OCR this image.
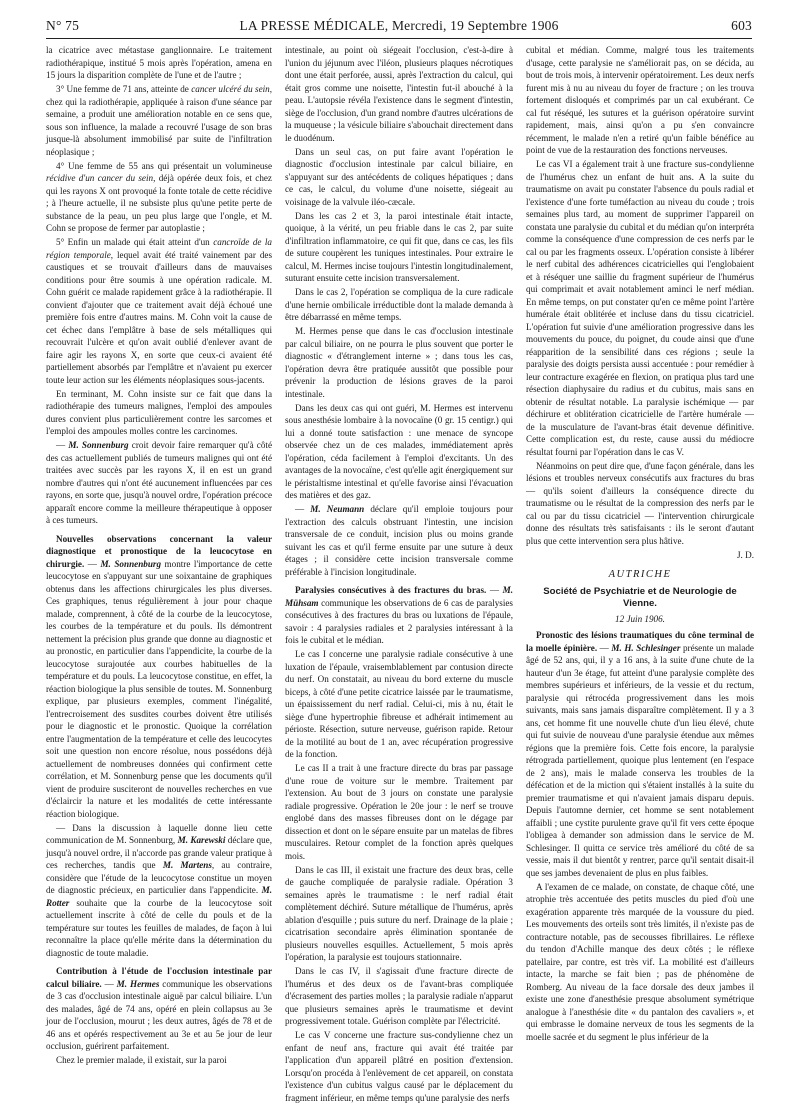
N° 75	LA PRESSE MÉDICALE, Mercredi, 19 Septembre 1906	603

la cicatrice avec métastase ganglionnaire. Le traitement radiothérapique, institué 5 mois après l'opération, amena en 15 jours la disparition complète de l'une et de l'autre ;

3° Une femme de 71 ans, atteinte de cancer ulcéré du sein, chez qui la radiothérapie, appliquée à raison d'une séance par semaine, a produit une amélioration notable en ce sens que, sous son influence, la malade a recouvré l'usage de son bras jusque-là absolument immobilisé par suite de l'infiltration néoplasique ;

4° Une femme de 55 ans qui présentait un volumineuse récidive d'un cancer du sein, déjà opérée deux fois, et chez qui les rayons X ont provoqué la fonte totale de cette récidive ; à l'heure actuelle, il ne subsiste plus qu'une petite perte de substance de la peau, un peu plus large que l'ongle, et M. Cohn se propose de fermer par autoplastie ;

5° Enfin un malade qui était atteint d'un cancroïde de la région temporale, lequel avait été traité vainement par des caustiques et se trouvait d'ailleurs dans de mauvaises conditions pour être soumis à une opération radicale. M. Cohn guérit ce malade rapidement grâce à la radiothérapie. Il convient d'ajouter que ce traitement avait déjà échoué une première fois entre d'autres mains. M. Cohn voit la cause de cet échec dans l'emplâtre à base de sels métalliques qui recouvrait l'ulcère et qu'on avait oublié d'enlever avant de faire agir les rayons X, en sorte que ceux-ci avaient été partiellement absorbés par l'emplâtre et n'avaient pu exercer toute leur action sur les éléments néoplasiques sous-jacents.

En terminant, M. Cohn insiste sur ce fait que dans la radiothérapie des tumeurs malignes, l'emploi des ampoules dures convient plus particulièrement contre les sarcomes et l'emploi des ampoules molles contre les carcinomes.

— M. Sonnenburg croit devoir faire remarquer qu'à côté des cas actuellement publiés de tumeurs malignes qui ont été traitées avec succès par les rayons X, il en est un grand nombre d'autres qui n'ont été aucunement influencées par ces rayons, en sorte que, jusqu'à nouvel ordre, l'opération précoce apparaît encore comme la meilleure thérapeutique à opposer à ces tumeurs.

Nouvelles observations concernant la valeur diagnostique et pronostique de la leucocytose en chirurgie. — M. Sonnenburg montre l'importance de cette leucocytose en s'appuyant sur une soixantaine de graphiques obtenus dans les affections chirurgicales les plus diverses. Ces graphiques, tenus régulièrement à jour pour chaque malade, comprennent, à côté de la courbe de la leucocytose, les courbes de la température et du pouls. Ils démontrent nettement la précision plus grande que donne au diagnostic et au pronostic, en particulier dans l'appendicite, la courbe de la leucocytose surajoutée aux courbes habituelles de la température et du pouls. La leucocytose constitue, en effet, la réaction biologique la plus sensible de toutes. M. Sonnenburg explique, par plusieurs exemples, comment l'inégalité, l'entrecroisement des susdites courbes doivent être utilisés pour le diagnostic et le pronostic. Quoique la corrélation entre l'augmentation de la température et celle des leucocytes soit une question non encore résolue, nous possédons déjà actuellement de nombreuses données qui confirment cette corrélation, et M. Sonnenburg pense que les documents qu'il vient de produire susciteront de nouvelles recherches en vue d'éclaircir la nature et les modalités de cette intéressante réaction biologique.

— Dans la discussion à laquelle donne lieu cette communication de M. Sonnenburg, M. Karewski déclare que, jusqu'à nouvel ordre, il n'accorde pas grande valeur pratique à ces recherches, tandis que M. Martens, au contraire, considère que l'étude de la leucocytose constitue un moyen de diagnostic précieux, en particulier dans l'appendicite. M. Rotter souhaite que la courbe de la leucocytose soit actuellement inscrite à côté de celle du pouls et de la température sur toutes les feuilles de malades, de façon à lui reconnaître la place qu'elle mérite dans la détermination du diagnostic de toute maladie.

Contribution à l'étude de l'occlusion intestinale par calcul biliaire. — M. Hermes communique les observations de 3 cas d'occlusion intestinale aiguë par calcul biliaire. L'un des malades, âgé de 74 ans, opéré en plein collapsus au 3e jour de l'occlusion, mourut ; les deux autres, âgés de 78 et de 46 ans et opérés respectivement au 3e et au 5e jour de leur occlusion, guérirent parfaitement.

Chez le premier malade, il existait, sur la paroi

intestinale, au point où siégeait l'occlusion, c'est-à-dire à l'union du jéjunum avec l'iléon, plusieurs plaques nécrotiques dont une était perforée, aussi, après l'extraction du calcul, qui était gros comme une noisette, l'intestin fut-il abouché à la peau. L'autopsie révéla l'existence dans le segment d'intestin, siège de l'occlusion, d'un grand nombre d'autres ulcérations de la muqueuse ; la vésicule biliaire s'abouchait directement dans le duodénum.

Dans un seul cas, on put faire avant l'opération le diagnostic d'occlusion intestinale par calcul biliaire, en s'appuyant sur des antécédents de coliques hépatiques ; dans ce cas, le calcul, du volume d'une noisette, siégeait au voisinage de la valvule iléo-cæcale.

Dans les cas 2 et 3, la paroi intestinale était intacte, quoique, à la vérité, un peu friable dans le cas 2, par suite d'infiltration inflammatoire, ce qui fit que, dans ce cas, les fils de suture coupèrent les tuniques intestinales. Pour extraire le calcul, M. Hermes incise toujours l'intestin longitudinalement, suturant ensuite cette incision transversalement.

Dans le cas 2, l'opération se compliqua de la cure radicale d'une hernie ombilicale irréductible dont la malade demanda à être débarrassé en même temps.

M. Hermes pense que dans le cas d'occlusion intestinale par calcul biliaire, on ne pourra le plus souvent que porter le diagnostic « d'étranglement interne » ; dans tous les cas, l'opération devra être pratiquée aussitôt que possible pour prévenir la production de lésions graves de la paroi intestinale.

Dans les deux cas qui ont guéri, M. Hermes est intervenu sous anesthésie lombaire à la novocaïne (0 gr. 15 centigr.) qui lui a donné toute satisfaction : une menace de syncope observée chez un de ces malades, immédiatement après l'opération, céda facilement à l'emploi d'excitants. Un des avantages de la novocaïne, c'est qu'elle agit énergiquement sur le péristaltisme intestinal et qu'elle favorise ainsi l'évacuation des matières et des gaz.

— M. Neumann déclare qu'il emploie toujours pour l'extraction des calculs obstruant l'intestin, une incision transversale de ce conduit, incision plus ou moins grande suivant les cas et qu'il ferme ensuite par une suture à deux étages ; il considère cette incision transversale comme préférable à l'incision longitudinale.

Paralysies consécutives à des fractures du bras. — M. Mühsam communique les observations de 6 cas de paralysies consécutives à des fractures du bras ou luxations de l'épaule, savoir : 4 paralysies radiales et 2 paralysies intéressant à la fois le cubital et le médian.

Le cas I concerne une paralysie radiale consécutive à une luxation de l'épaule, vraisemblablement par contusion directe du nerf. On constatait, au niveau du bord externe du muscle biceps, à côté d'une petite cicatrice laissée par le traumatisme, un épaississement du nerf radial. Celui-ci, mis à nu, était le siège d'une hypertrophie fibreuse et adhérait intimement au périoste. Résection, suture nerveuse, guérison rapide. Retour de la motilité au bout de 1 an, avec récupération progressive de la fonction.

Le cas II a trait à une fracture directe du bras par passage d'une roue de voiture sur le membre. Traitement par l'extension. Au bout de 3 jours on constate une paralysie radiale progressive. Opération le 20e jour : le nerf se trouve englobé dans des masses fibreuses dont on le dégage par dissection et dont on le sépare ensuite par un matelas de fibres musculaires. Retour complet de la fonction après quelques mois.

Dans le cas III, il existait une fracture des deux bras, celle de gauche compliquée de paralysie radiale. Opération 3 semaines après le traumatisme : le nerf radial était complètement déchiré. Suture métallique de l'humérus, après ablation d'esquille ; puis suture du nerf. Drainage de la plaie ; cicatrisation secondaire après élimination spontanée de plusieurs nouvelles esquilles. Actuellement, 5 mois après l'opération, la paralysie est toujours stationnaire.

Dans le cas IV, il s'agissait d'une fracture directe de l'humérus et des deux os de l'avant-bras compliquée d'écrasement des parties molles ; la paralysie radiale n'apparut que plusieurs semaines après le traumatisme et devint progressivement totale. Guérison complète par l'électricité.

Le cas V concerne une fracture sus-condylienne chez un enfant de neuf ans, fracture qui avait été traitée par l'application d'un appareil plâtré en position d'extension. Lorsqu'on procéda à l'enlèvement de cet appareil, on constata l'existence d'un cubitus valgus causé par le déplacement du fragment inférieur, en même temps qu'une paralysie des nerfs

cubital et médian. Comme, malgré tous les traitements d'usage, cette paralysie ne s'améliorait pas, on se décida, au bout de trois mois, à intervenir opératoirement. Les deux nerfs furent mis à nu au niveau du foyer de fracture ; on les trouva fortement disloqués et comprimés par un cal exubérant. Ce cal fut réséqué, les sutures et la guérison opératoire survint rapidement, mais, ainsi qu'on a pu s'en convaincre récemment, le malade n'en a retiré qu'un faible bénéfice au point de vue de la restauration des fonctions nerveuses.

Le cas VI a également trait à une fracture sus-condylienne de l'humérus chez un enfant de huit ans. A la suite du traumatisme on avait pu constater l'absence du pouls radial et l'existence d'une forte tuméfaction au niveau du coude ; trois semaines plus tard, au moment de supprimer l'appareil on constata une paralysie du cubital et du médian qu'on interpréta comme la conséquence d'une compression de ces nerfs par le cal ou par les fragments osseux. L'opération consiste à libérer le nerf cubital des adhérences cicatricielles qui l'englobaient et à réséquer une saillie du fragment supérieur de l'humérus qui comprimait et avait notablement aminci le nerf médian. En même temps, on put constater qu'en ce même point l'artère humérale était oblitérée et incluse dans du tissu cicatriciel. L'opération fut suivie d'une amélioration progressive dans les mouvements du pouce, du poignet, du coude ainsi que d'une réapparition de la sensibilité dans ces régions ; seule la paralysie des doigts persista aussi accentuée : pour remédier à leur contracture exagérée en flexion, on pratiqua plus tard une résection diaphysaire du radius et du cubitus, mais sans en obtenir de résultat notable. La paralysie ischémique — par déchirure et oblitération cicatricielle de l'artère humérale — de la musculature de l'avant-bras était devenue définitive. Cette complication est, du reste, cause aussi du médiocre résultat fourni par l'opération dans le cas V.

Néanmoins on peut dire que, d'une façon générale, dans les lésions et troubles nerveux consécutifs aux fractures du bras — qu'ils soient d'ailleurs la conséquence directe du traumatisme ou le résultat de la compression des nerfs par le cal ou par du tissu cicatriciel — l'intervention chirurgicale donne des résultats très satisfaisants : ils le seront d'autant plus que cette intervention sera plus hâtive.

J. D.

AUTRICHE
Société de Psychiatrie et de Neurologie de Vienne.
12 Juin 1906.

Pronostic des lésions traumatiques du cône terminal de la moelle épinière. — M. H. Schlesinger présente un malade âgé de 52 ans, qui, il y a 16 ans, à la suite d'une chute de la hauteur d'un 3e étage, fut atteint d'une paralysie complète des membres supérieurs et inférieurs, de la vessie et du rectum, paralysie qui rétrocéda progressivement dans les mois suivants, mais sans jamais disparaître complètement. Il y a 3 ans, cet homme fit une nouvelle chute d'un lieu élevé, chute qui fut suivie de nouveau d'une paralysie étendue aux mêmes régions que la première fois. Cette fois encore, la paralysie rétrograda partiellement, quoique plus lentement (en l'espace de 2 ans), mais le malade conserva les troubles de la défécation et de la miction qui s'étaient installés à la suite du premier traumatisme et qui n'avaient jamais disparu depuis. Depuis l'automne dernier, cet homme se sent notablement affaibli ; une cystite purulente grave qu'il fit vers cette époque l'obligea à demander son admission dans le service de M. Schlesinger. Il quitta ce service très amélioré du côté de sa vessie, mais il dut bientôt y rentrer, parce qu'il sentait disait-il que ses jambes devenaient de plus en plus faibles.

A l'examen de ce malade, on constate, de chaque côté, une atrophie très accentuée des petits muscles du pied d'où une exagération apparente très marquée de la voussure du pied. Les mouvements des orteils sont très limités, il n'existe pas de contracture notable, pas de secousses fibrillaires. Le réflexe du tendon d'Achille manque des deux côtés ; le réflexe patellaire, par contre, est très vif. La mobilité est d'ailleurs intacte, la marche se fait bien ; pas de phénomène de Romberg. Au niveau de la face dorsale des deux jambes il existe une zone d'anesthésie presque absolument symétrique analogue à l'anesthésie dite « du pantalon des cavaliers », et qui embrasse le domaine nerveux de tous les segments de la moelle sacrée et du segment le plus inférieur de la
